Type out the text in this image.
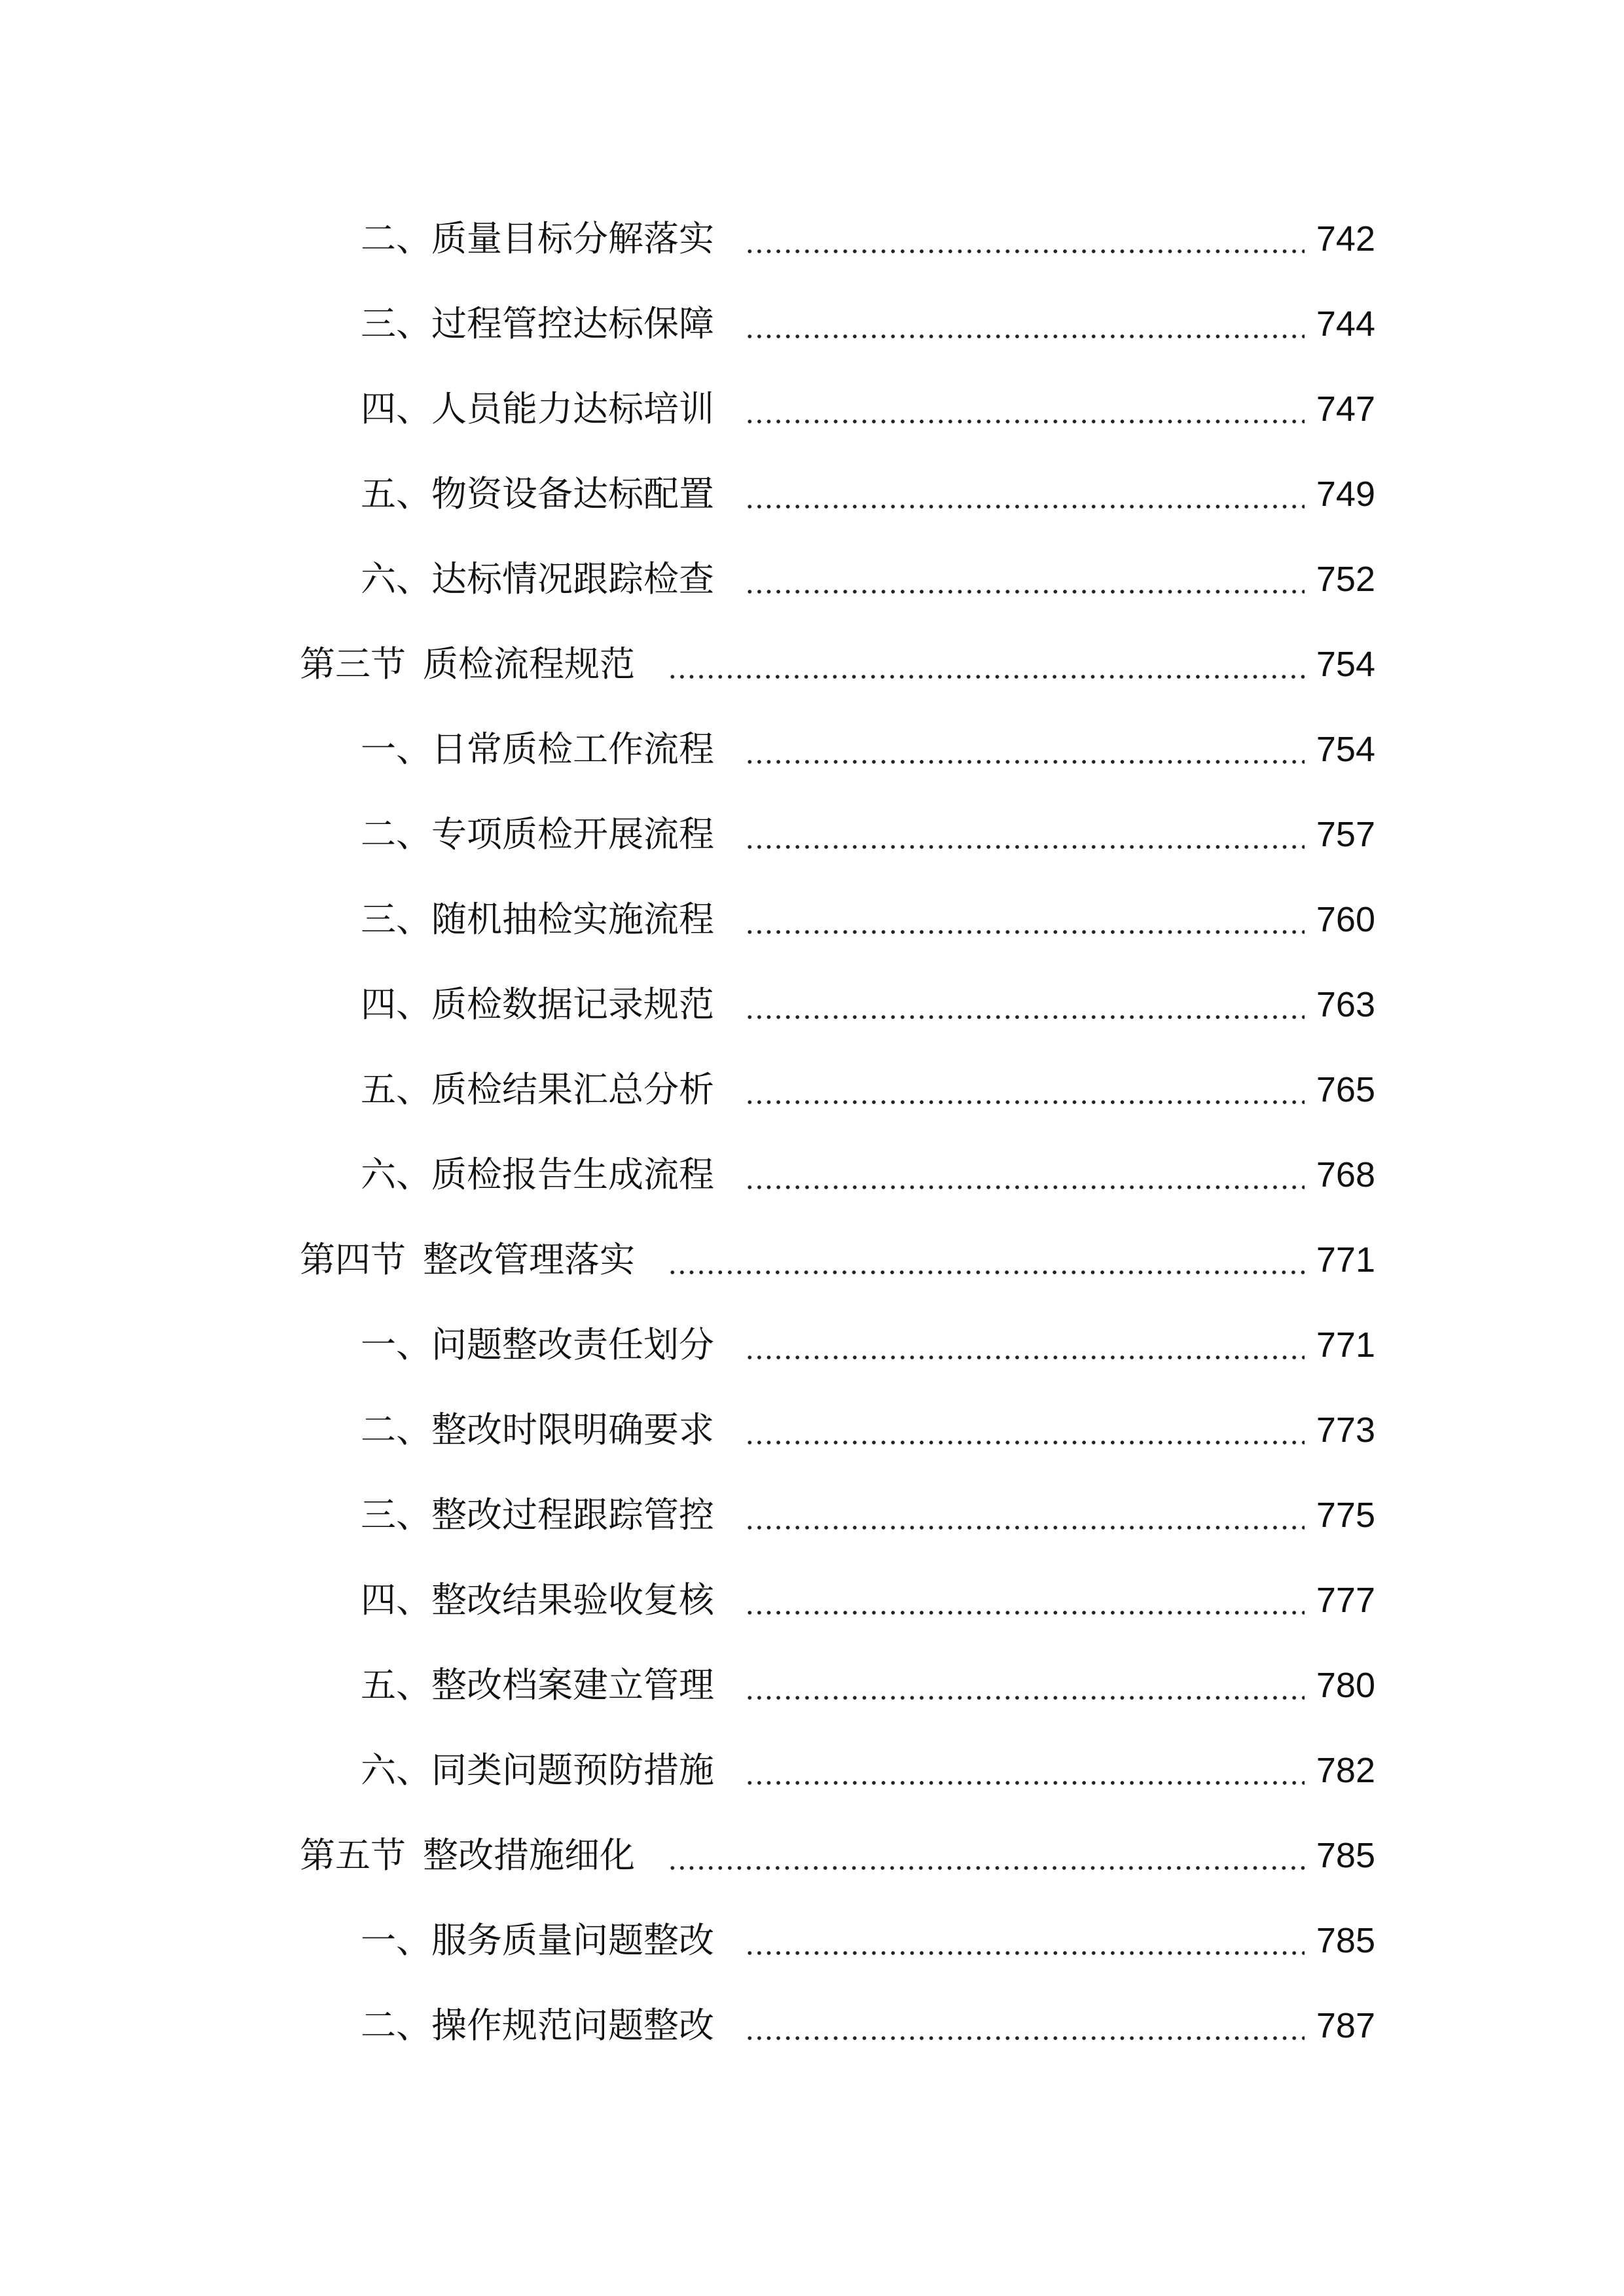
二、质量目标分解落实	742
三、过程管控达标保障	744
四、人员能力达标培训	747
五、物资设备达标配置	749
六、达标情况跟踪检查	752
第三节 质检流程规范	754
一、日常质检工作流程	754
二、专项质检开展流程	757
三、随机抽检实施流程	760
四、质检数据记录规范	763
五、质检结果汇总分析	765
六、质检报告生成流程	768
第四节 整改管理落实	771
一、问题整改责任划分	771
二、整改时限明确要求	773
三、整改过程跟踪管控	775
四、整改结果验收复核	777
五、整改档案建立管理	780
六、同类问题预防措施	782
第五节 整改措施细化	785
一、服务质量问题整改	785
二、操作规范问题整改	787
